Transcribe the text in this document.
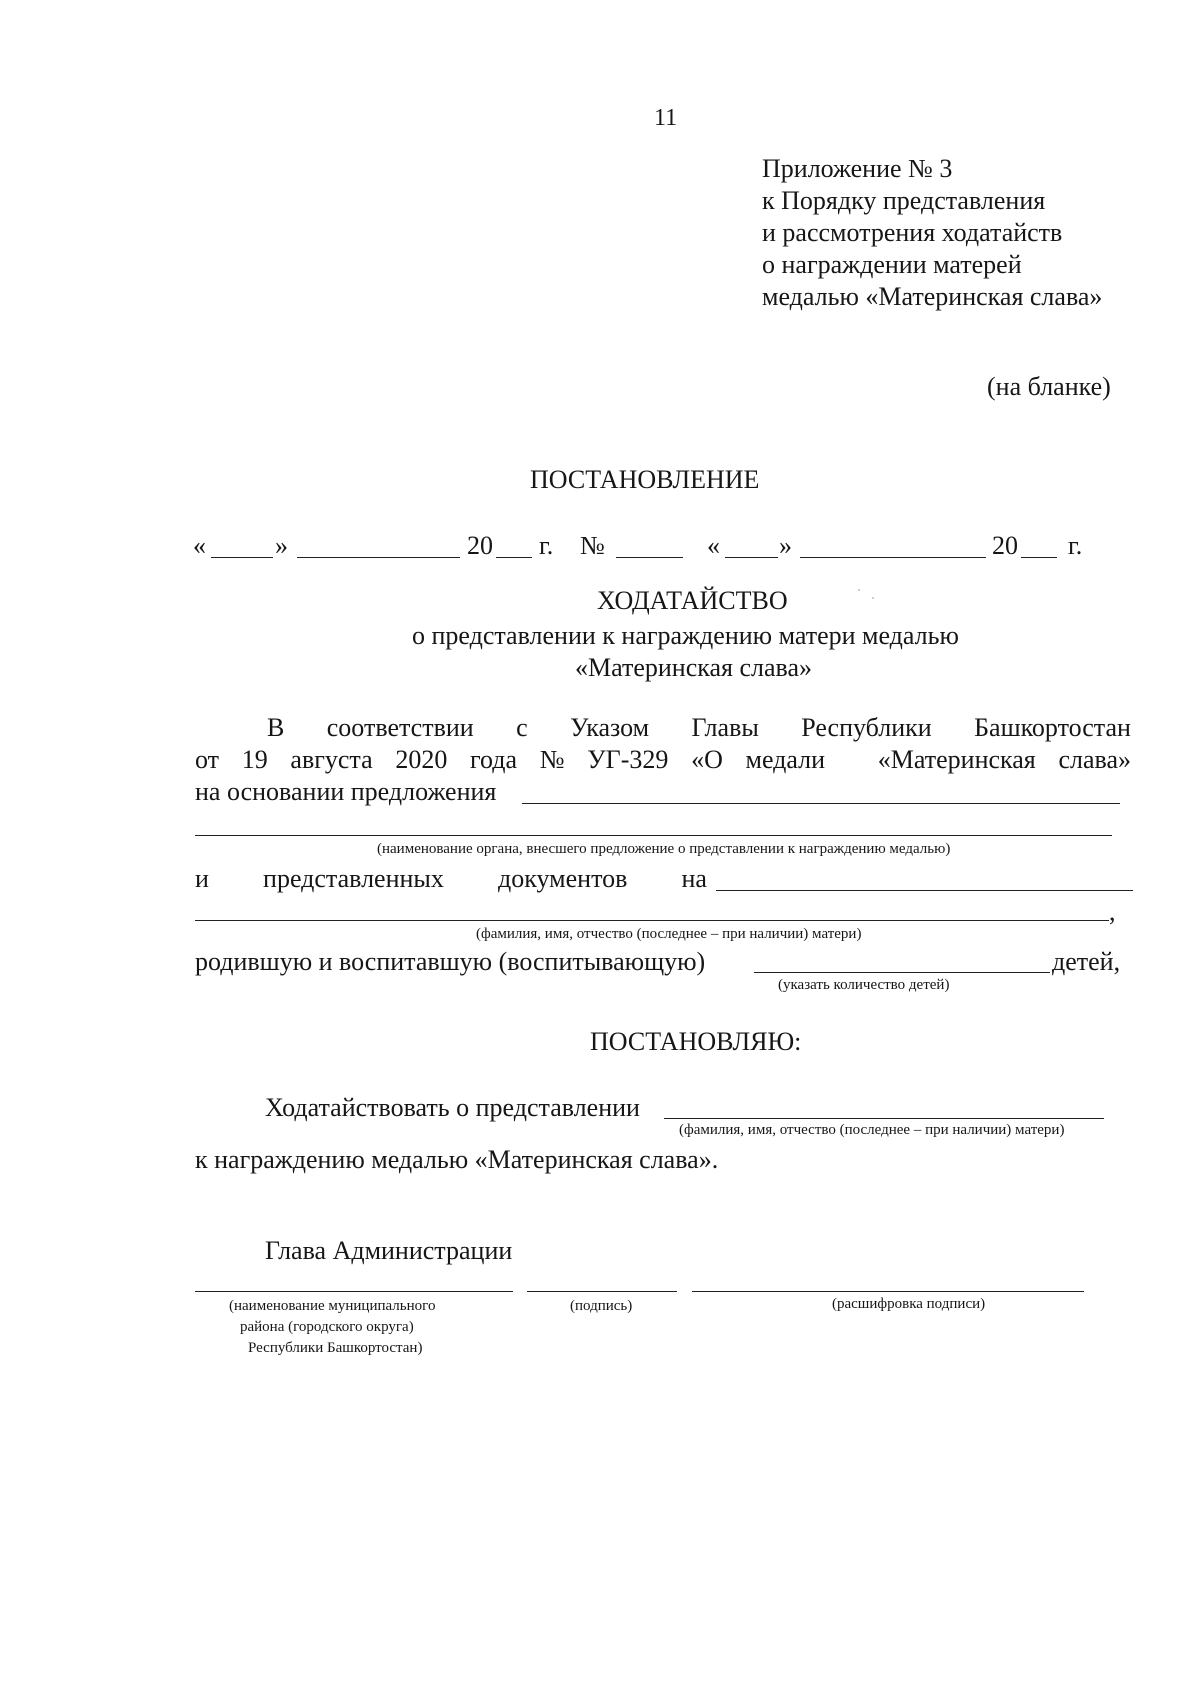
11
Приложение № 3
к Порядку представления
и рассмотрения ходатайств
о награждении матерей
медалью «Материнская слава»
(на бланке)
ПОСТАНОВЛЕНИЕ
«	»	20 г. №	« »	20 г.
ХОДАТАЙСТВО
о представлении к награждению матери медалью
«Материнская слава»
В соответствии с Указом Главы Республики Башкортостан
от 19 августа 2020 года № УГ-329 «О медали «Материнская слава»
на основании предложения
(наименование органа, внесшего предложение о представлении к награждению медалью)
и представленных документов на
,
(фамилия, имя, отчество (последнее – при наличии) матери)
родившую и воспитавшую (воспитывающую)	детей,
(указать количество детей)
ПОСТАНОВЛЯЮ:
Ходатайствовать о представлении
(фамилия, имя, отчество (последнее – при наличии) матери)
к награждению медалью «Материнская слава».
Глава Администрации
(наименование муниципального
района (городского округа)
Республики Башкортостан)
(подпись)	(расшифровка подписи)
